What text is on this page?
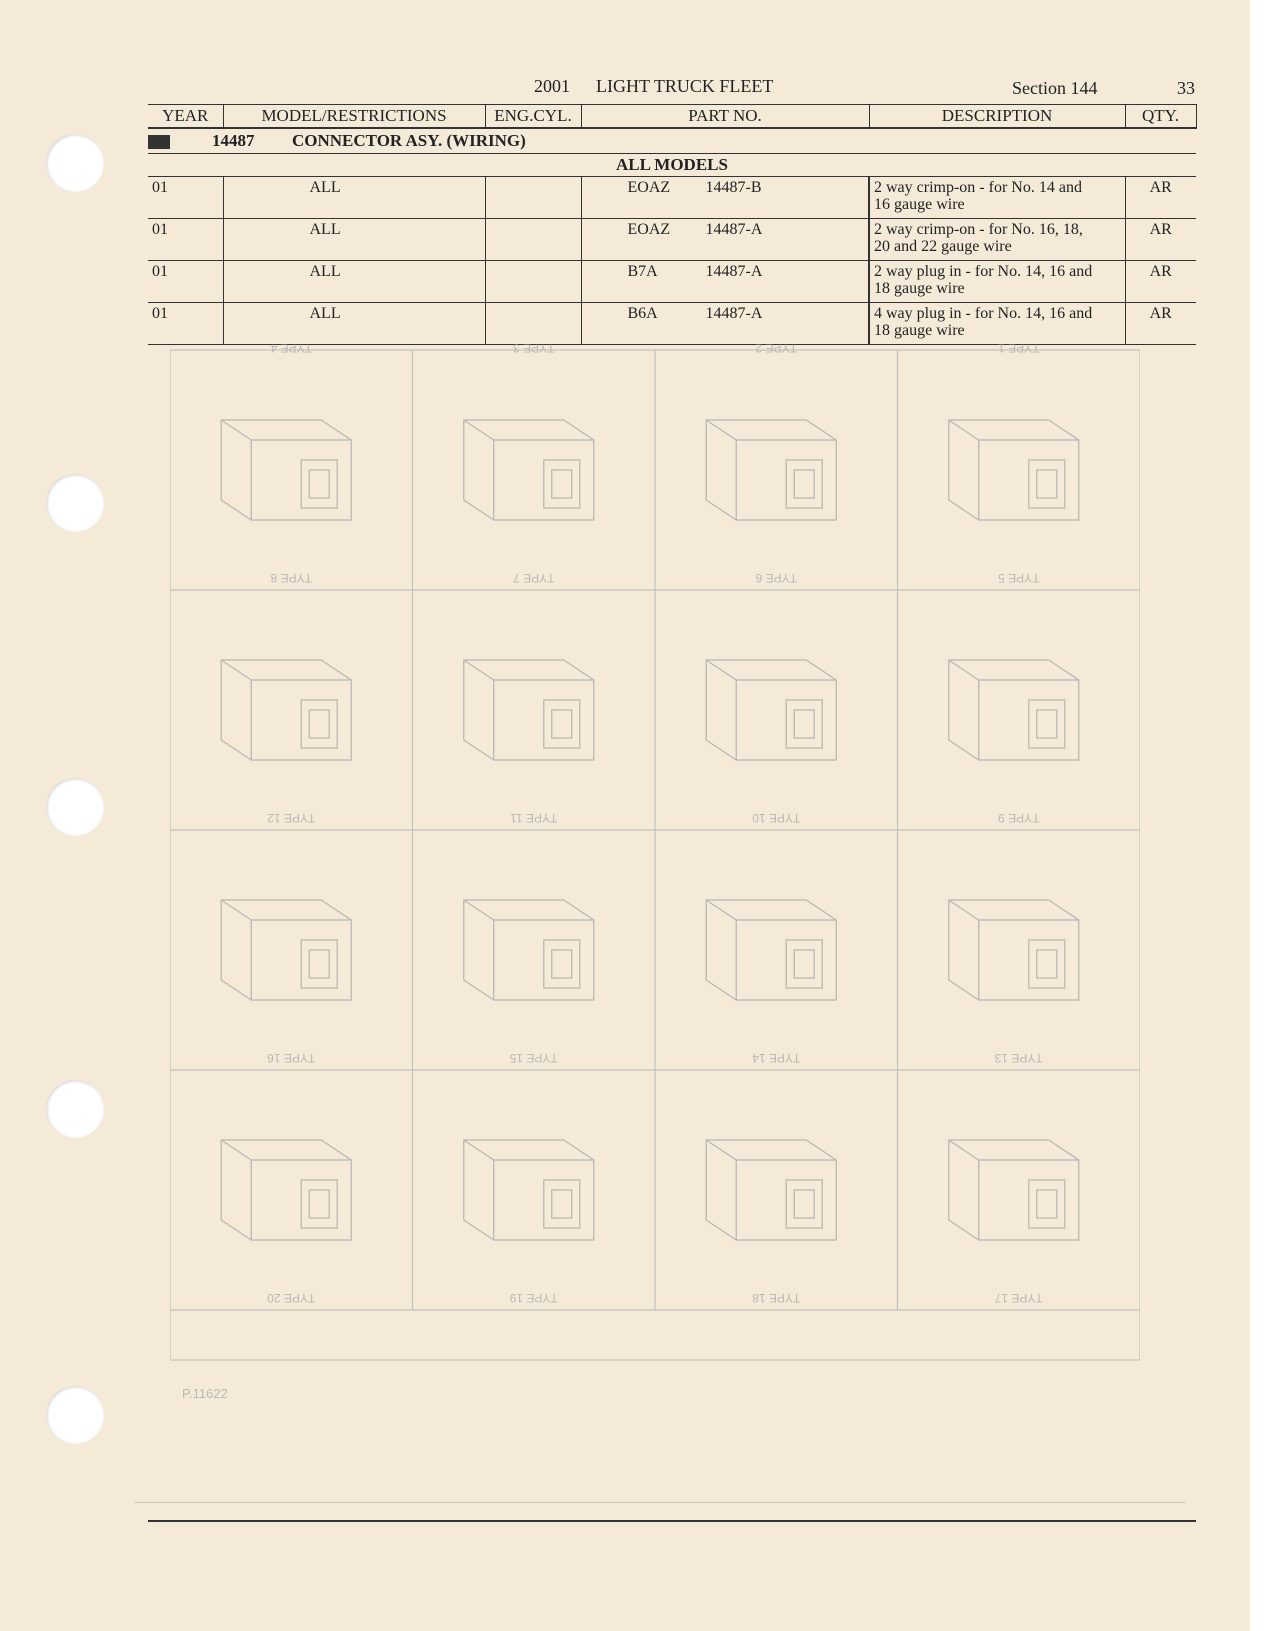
2001 LIGHT TRUCK FLEET	Section 144	33
YEAR	MODEL/RESTRICTIONS	ENG.CYL.	PART NO.	DESCRIPTION	QTY.
14487 CONNECTOR ASY. (WIRING)					
ALL MODELS					
01	ALL		EOAZ 14487-B	2 way crimp-on - for No. 14 and
16 gauge wire	AR
01	ALL		EOAZ 14487-A	2 way crimp-on - for No. 16, 18,
20 and 22 gauge wire	AR
01	ALL		B7A 14487-A	2 way plug in - for No. 14, 16 and
18 gauge wire	AR
01	ALL		B6A 14487-A	4 way plug in - for No. 14, 16 and
18 gauge wire	AR
TYPE 4	TYPE 3	TYPE 2	TYPE 1
TYPE 8	TYPE 7	TYPE 6	TYPE 5
TYPE 12	TYPE 11	TYPE 10	TYPE 9
TYPE 16	TYPE 15	TYPE 14	TYPE 13
TYPE 20	TYPE 19	TYPE 18	TYPE 17
P.11622
